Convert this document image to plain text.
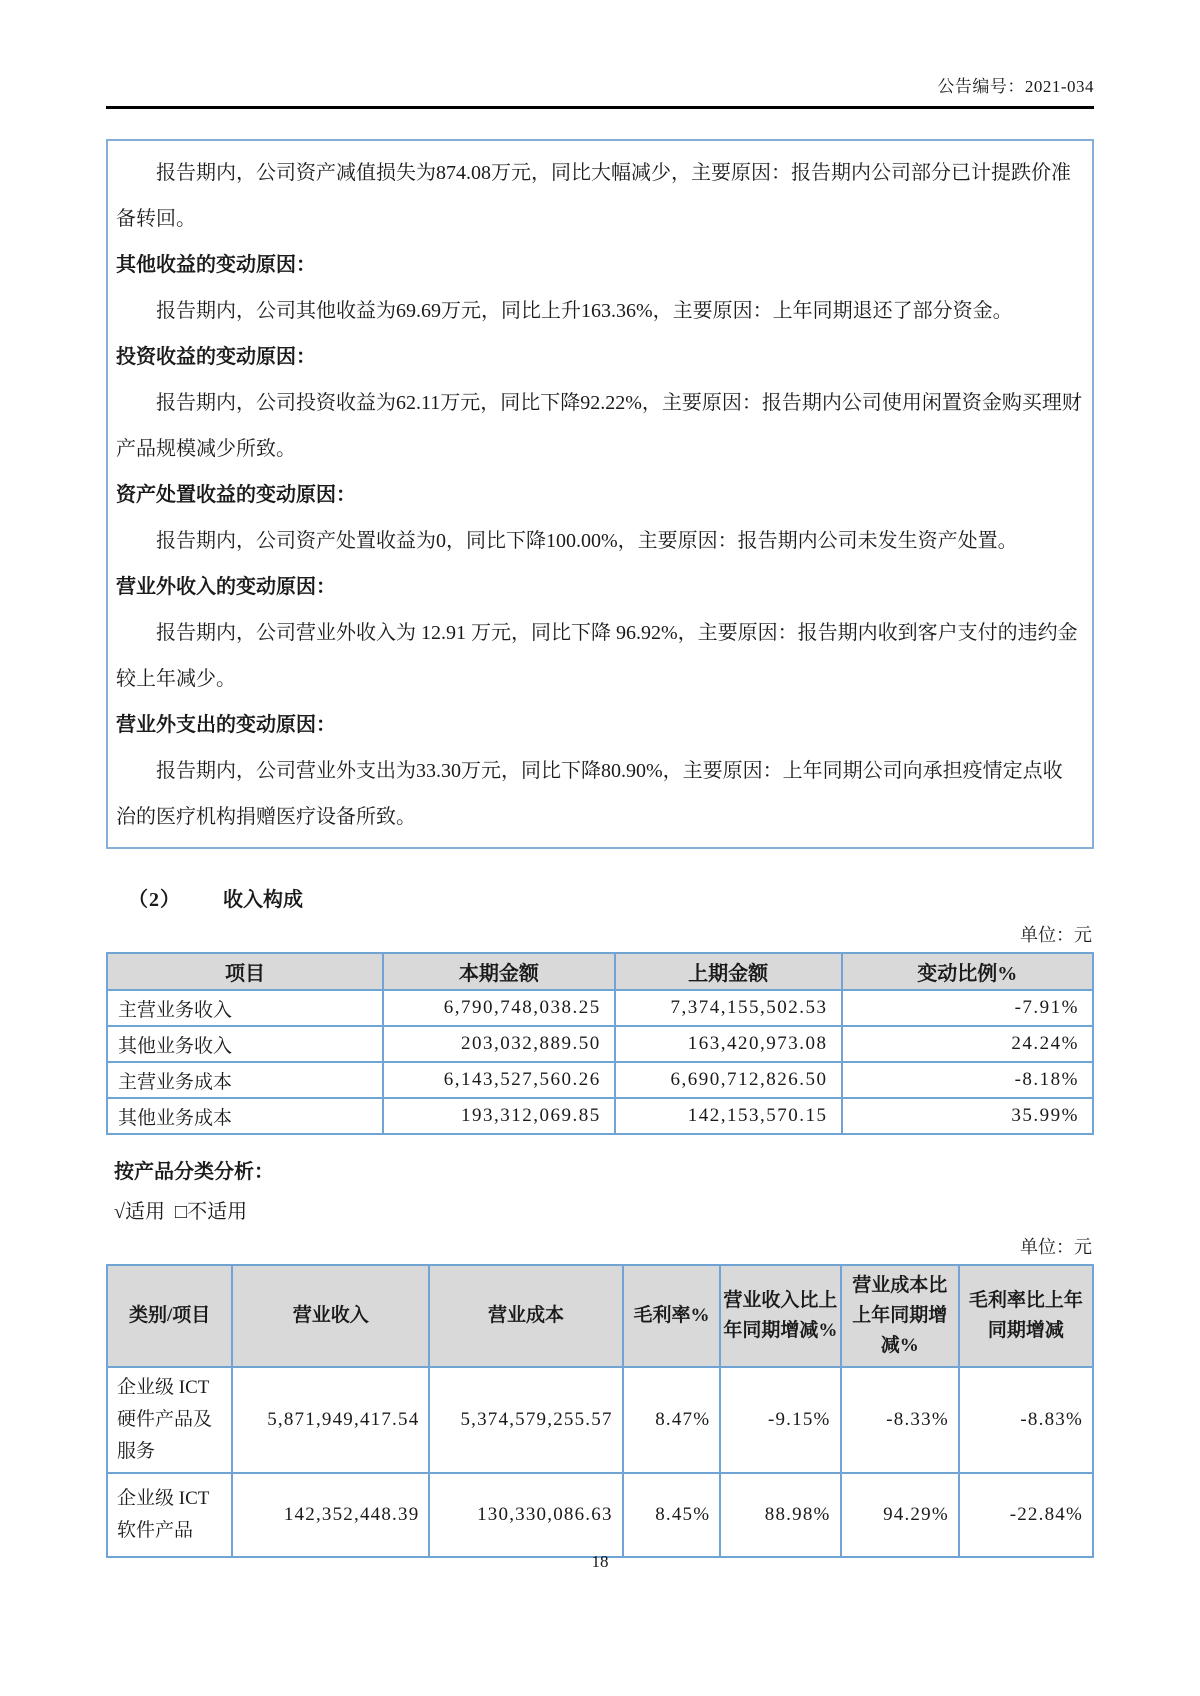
公告编号：2021-034
报告期内，公司资产减值损失为874.08万元，同比大幅减少，主要原因：报告期内公司部分已计提跌价准备转回。
其他收益的变动原因：
报告期内，公司其他收益为69.69万元，同比上升163.36%，主要原因：上年同期退还了部分资金。
投资收益的变动原因：
报告期内，公司投资收益为62.11万元，同比下降92.22%，主要原因：报告期内公司使用闲置资金购买理财产品规模减少所致。
资产处置收益的变动原因：
报告期内，公司资产处置收益为0，同比下降100.00%，主要原因：报告期内公司未发生资产处置。
营业外收入的变动原因：
报告期内，公司营业外收入为 12.91 万元，同比下降 96.92%，主要原因：报告期内收到客户支付的违约金较上年减少。
营业外支出的变动原因：
报告期内，公司营业外支出为33.30万元，同比下降80.90%，主要原因：上年同期公司向承担疫情定点收治的医疗机构捐赠医疗设备所致。
（2） 收入构成
单位：元
项目	本期金额	上期金额	变动比例%
主营业务收入	6,790,748,038.25	7,374,155,502.53	-7.91%
其他业务收入	203,032,889.50	163,420,973.08	24.24%
主营业务成本	6,143,527,560.26	6,690,712,826.50	-8.18%
其他业务成本	193,312,069.85	142,153,570.15	35.99%
按产品分类分析：
√适用 □不适用
单位：元
类别/项目	营业收入	营业成本	毛利率%	营业收入比上年同期增减%	营业成本比上年同期增减%	毛利率比上年同期增减
企业级 ICT 硬件产品及服务	5,871,949,417.54	5,374,579,255.57	8.47%	-9.15%	-8.33%	-8.83%
企业级 ICT 软件产品	142,352,448.39	130,330,086.63	8.45%	88.98%	94.29%	-22.84%
18
